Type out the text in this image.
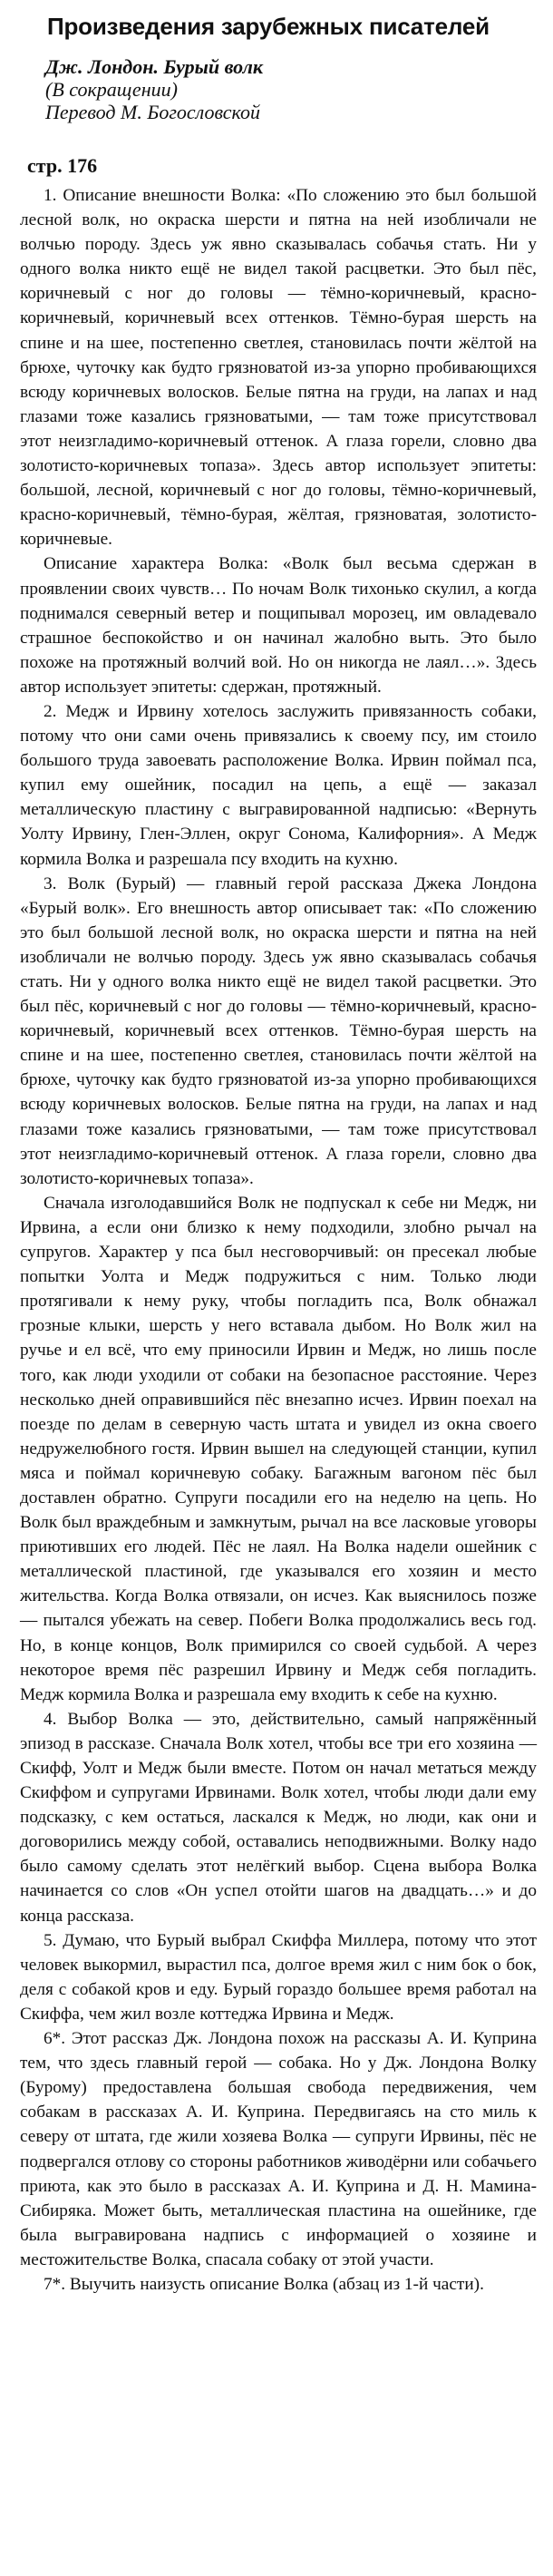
Произведения зарубежных писателей
Дж. Лондон. Бурый волк
(В сокращении)
Перевод М. Богословской
стр. 176

1. Описание внешности Волка: «По сложению это был большой лесной волк, но окраска шерсти и пятна на ней изобличали не волчью породу. Здесь уж явно сказывалась собачья стать. Ни у одного волка никто ещё не видел такой расцветки. Это был пёс, коричневый с ног до головы — тёмно-коричневый, красно-коричневый, коричневый всех оттенков. Тёмно-бурая шерсть на спине и на шее, постепенно светлея, становилась почти жёлтой на брюхе, чуточку как будто грязноватой из-за упорно пробивающихся всюду коричневых волосков. Белые пятна на груди, на лапах и над глазами тоже казались грязноватыми, — там тоже присутствовал этот неизгладимо-коричневый оттенок. А глаза горели, словно два золотисто-коричневых топаза». Здесь автор использует эпитеты: большой, лесной, коричневый с ног до головы, тёмно-коричневый, красно-коричневый, тёмно-бурая, жёлтая, грязноватая, золотисто-коричневые.

Описание характера Волка: «Волк был весьма сдержан в проявлении своих чувств… По ночам Волк тихонько скулил, а когда поднимался северный ветер и пощипывал морозец, им овладевало страшное беспокойство и он начинал жалобно выть. Это было похоже на протяжный волчий вой. Но он никогда не лаял…». Здесь автор использует эпитеты: сдержан, протяжный.

2. Медж и Ирвину хотелось заслужить привязанность собаки, потому что они сами очень привязались к своему псу, им стоило большого труда завоевать расположение Волка. Ирвин поймал пса, купил ему ошейник, посадил на цепь, а ещё — заказал металлическую пластину с выгравированной надписью: «Вернуть Уолту Ирвину, Глен-Эллен, округ Сонома, Калифорния». А Медж кормила Волка и разрешала псу входить на кухню.

3. Волк (Бурый) — главный герой рассказа Джека Лондона «Бурый волк». Его внешность автор описывает так: «По сложению это был большой лесной волк, но окраска шерсти и пятна на ней изобличали не волчью породу. Здесь уж явно сказывалась собачья стать. Ни у одного волка никто ещё не видел такой расцветки. Это был пёс, коричневый с ног до головы — тёмно-коричневый, красно-коричневый, коричневый всех оттенков. Тёмно-бурая шерсть на спине и на шее, постепенно светлея, становилась почти жёлтой на брюхе, чуточку как будто грязноватой из-за упорно пробивающихся всюду коричневых волосков. Белые пятна на груди, на лапах и над глазами тоже казались грязноватыми, — там тоже присутствовал этот неизгладимо-коричневый оттенок. А глаза горели, словно два золотисто-коричневых топаза».

Сначала изголодавшийся Волк не подпускал к себе ни Медж, ни Ирвина, а если они близко к нему подходили, злобно рычал на супругов. Характер у пса был несговорчивый: он пресекал любые попытки Уолта и Медж подружиться с ним. Только люди протягивали к нему руку, чтобы погладить пса, Волк обнажал грозные клыки, шерсть у него вставала дыбом. Но Волк жил на ручье и ел всё, что ему приносили Ирвин и Медж, но лишь после того, как люди уходили от собаки на безопасное расстояние. Через несколько дней оправившийся пёс внезапно исчез. Ирвин поехал на поезде по делам в северную часть штата и увидел из окна своего недружелюбного гостя. Ирвин вышел на следующей станции, купил мяса и поймал коричневую собаку. Багажным вагоном пёс был доставлен обратно. Супруги посадили его на неделю на цепь. Но Волк был враждебным и замкнутым, рычал на все ласковые уговоры приютивших его людей. Пёс не лаял. На Волка надели ошейник с металлической пластиной, где указывался его хозяин и место жительства. Когда Волка отвязали, он исчез. Как выяснилось позже — пытался убежать на север. Побеги Волка продолжались весь год. Но, в конце концов, Волк примирился со своей судьбой. А через некоторое время пёс разрешил Ирвину и Медж себя погладить. Медж кормила Волка и разрешала ему входить к себе на кухню.

4. Выбор Волка — это, действительно, самый напряжённый эпизод в рассказе. Сначала Волк хотел, чтобы все три его хозяина — Скифф, Уолт и Медж были вместе. Потом он начал метаться между Скиффом и супругами Ирвинами. Волк хотел, чтобы люди дали ему подсказку, с кем остаться, ласкался к Медж, но люди, как они и договорились между собой, оставались неподвижными. Волку надо было самому сделать этот нелёгкий выбор. Сцена выбора Волка начинается со слов «Он успел отойти шагов на двадцать…» и до конца рассказа.

5. Думаю, что Бурый выбрал Скиффа Миллера, потому что этот человек выкормил, вырастил пса, долгое время жил с ним бок о бок, деля с собакой кров и еду. Бурый гораздо большее время работал на Скиффа, чем жил возле коттеджа Ирвина и Медж.

6*. Этот рассказ Дж. Лондона похож на рассказы А. И. Куприна тем, что здесь главный герой — собака. Но у Дж. Лондона Волку (Бурому) предоставлена большая свобода передвижения, чем собакам в рассказах А. И. Куприна. Передвигаясь на сто миль к северу от штата, где жили хозяева Волка — супруги Ирвины, пёс не подвергался отлову со стороны работников живодёрни или собачьего приюта, как это было в рассказах А. И. Куприна и Д. Н. Мамина-Сибиряка. Может быть, металлическая пластина на ошейнике, где была выгравирована надпись с информацией о хозяине и местожительстве Волка, спасала собаку от этой участи.

7*. Выучить наизусть описание Волка (абзац из 1-й части).
